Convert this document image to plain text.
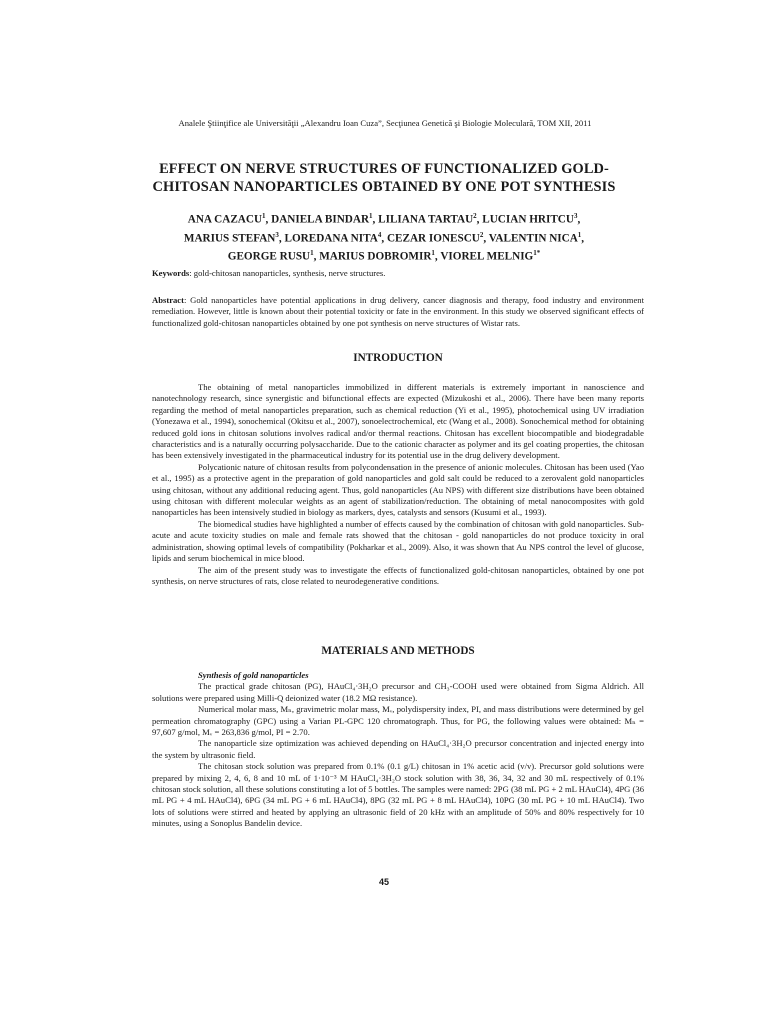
Analele Ştiinţifice ale Universităţii „Alexandru Ioan Cuza”, Secţiunea Genetică şi Biologie Moleculară, TOM XII, 2011
EFFECT ON NERVE STRUCTURES OF FUNCTIONALIZED GOLD-
CHITOSAN NANOPARTICLES OBTAINED BY ONE POT SYNTHESIS
ANA CAZACU$^1$, DANIELA BINDAR$^1$, LILIANA TARTAU$^2$, LUCIAN HRITCU$^3$,
MARIUS STEFAN$^3$, LOREDANA NITA$^4$, CEZAR IONESCU$^2$, VALENTIN NICA$^1$,
GEORGE RUSU$^1$, MARIUS DOBROMIR$^1$, VIOREL $MELNIG^{1*}$
Keywords: gold-chitosan nanoparticles, synthesis, nerve structures.
Abstract: Gold nanoparticles have potential applications in drug delivery, cancer diagnosis and therapy, food industry and environment remediation. However, little is known about their potential toxicity or fate in the environment. In this study we observed significant effects of functionalized gold-chitosan nanoparticles obtained by one pot synthesis on nerve structures of Wistar rats.
INTRODUCTION

The obtaining of metal nanoparticles immobilized in different materials is extremely important in nanoscience and nanotechnology research, since synergistic and bifunctional effects are expected (Mizukoshi et al., 2006). There have been many reports regarding the method of metal nanoparticles preparation, such as chemical reduction (Yi et al., 1995), photochemical using UV irradiation (Yonezawa et al., 1994), sonochemical (Okitsu et al., 2007), sonoelectrochemical, etc (Wang et al., 2008). Sonochemical method for obtaining reduced gold ions in chitosan solutions involves radical and/or thermal reactions. Chitosan has excellent biocompatible and biodegradable characteristics and is a naturally occurring polysaccharide. Due to the cationic character as polymer and its gel coating properties, the chitosan has been extensively investigated in the pharmaceutical industry for its potential use in the drug delivery development.

Polycationic nature of chitosan results from polycondensation in the presence of anionic molecules. Chitosan has been used (Yao et al., 1995) as a protective agent in the preparation of gold nanoparticles and gold salt could be reduced to a zerovalent gold nanoparticles using chitosan, without any additional reducing agent. Thus, gold nanoparticles (Au NPS) with different size distributions have been obtained using chitosan with different molecular weights as an agent of stabilization/reduction. The obtaining of metal nanocomposites with gold nanoparticles has been intensively studied in biology as markers, dyes, catalysts and sensors (Kusumi et al., 1993).

The biomedical studies have highlighted a number of effects caused by the combination of chitosan with gold nanoparticles. Sub-acute and acute toxicity studies on male and female rats showed that the chitosan - gold nanoparticles do not produce toxicity in oral administration, showing optimal levels of compatibility (Pokharkar et al., 2009). Also, it was shown that Au NPS control the level of glucose, lipids and serum biochemical in mice blood.

The aim of the present study was to investigate the effects of functionalized gold-chitosan nanoparticles, obtained by one pot synthesis, on nerve structures of rats, close related to neurodegenerative conditions.

MATERIALS AND METHODS

Synthesis of gold nanoparticles

The practical grade chitosan (PG), HAuCl₄·3H₂O precursor and CH₃-COOH used were obtained from Sigma Aldrich. All solutions were prepared using Milli-Q deionized water (18.2 MΩ resistance).

Numerical molar mass, Mₙ, gravimetric molar mass, Mᵥ, polydispersity index, PI, and mass distributions were determined by gel permeation chromatography (GPC) using a Varian PL-GPC 120 chromatograph. Thus, for PG, the following values were obtained: Mₙ = 97,607 g/mol, Mᵥ = 263,836 g/mol, PI = 2.70.

The nanoparticle size optimization was achieved depending on HAuCl₄·3H₂O precursor concentration and injected energy into the system by ultrasonic field.

The chitosan stock solution was prepared from 0.1% (0.1 g/L) chitosan in 1% acetic acid (v/v). Precursor gold solutions were prepared by mixing 2, 4, 6, 8 and 10 mL of 1·10⁻³ M HAuCl₄·3H₂O stock solution with 38, 36, 34, 32 and 30 mL respectively of 0.1% chitosan stock solution, all these solutions constituting a lot of 5 bottles. The samples were named: 2PG (38 mL PG + 2 mL HAuCl4), 4PG (36 mL PG + 4 mL HAuCl4), 6PG (34 mL PG + 6 mL HAuCl4), 8PG (32 mL PG + 8 mL HAuCl4), 10PG (30 mL PG + 10 mL HAuCl4). Two lots of solutions were stirred and heated by applying an ultrasonic field of 20 kHz with an amplitude of 50% and 80% respectively for 10 minutes, using a Sonoplus Bandelin device.

45
